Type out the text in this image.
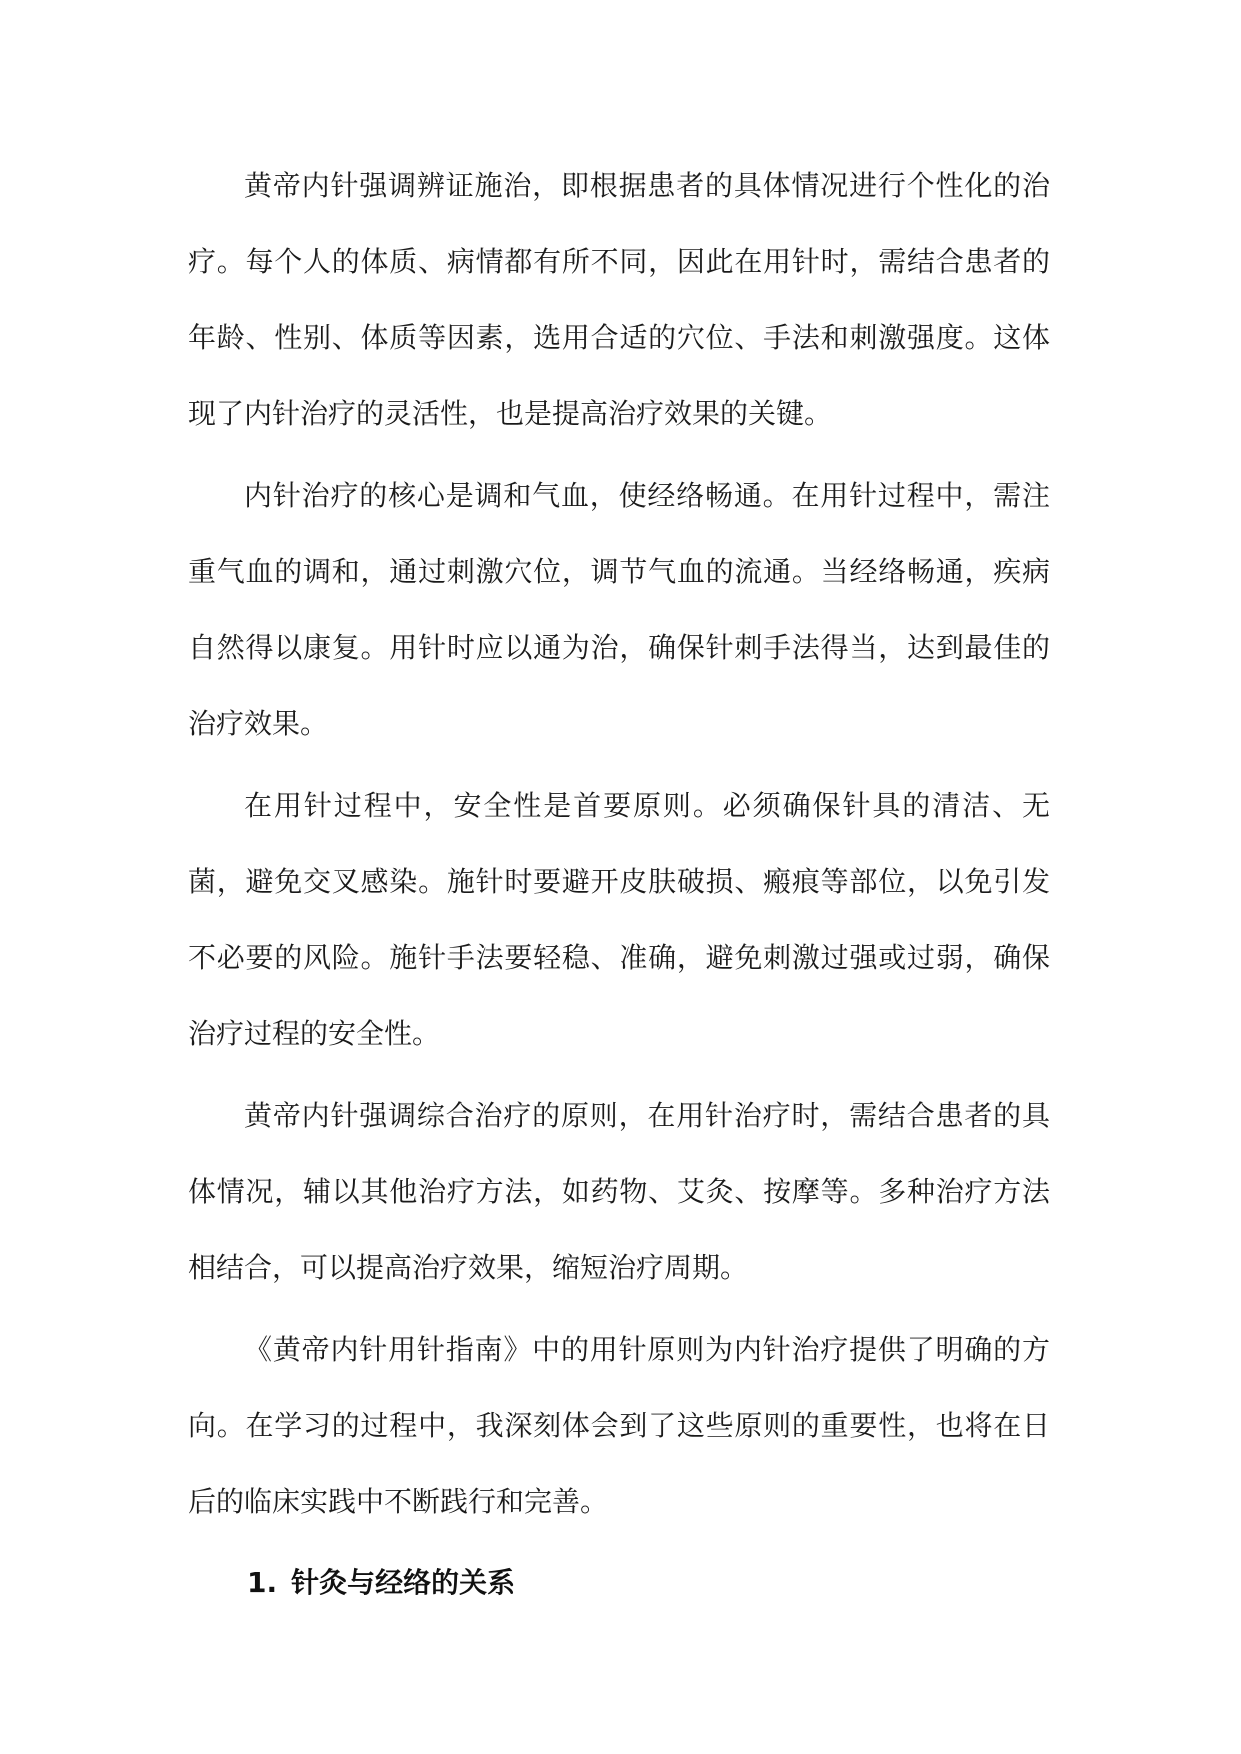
黄帝内针强调辨证施治，即根据患者的具体情况进行个性化的治疗。每个人的体质、病情都有所不同，因此在用针时，需结合患者的年龄、性别、体质等因素，选用合适的穴位、手法和刺激强度。这体现了内针治疗的灵活性，也是提高治疗效果的关键。

内针治疗的核心是调和气血，使经络畅通。在用针过程中，需注重气血的调和，通过刺激穴位，调节气血的流通。当经络畅通，疾病自然得以康复。用针时应以通为治，确保针刺手法得当，达到最佳的治疗效果。

在用针过程中，安全性是首要原则。必须确保针具的清洁、无菌，避免交叉感染。施针时要避开皮肤破损、瘢痕等部位，以免引发不必要的风险。施针手法要轻稳、准确，避免刺激过强或过弱，确保治疗过程的安全性。

黄帝内针强调综合治疗的原则，在用针治疗时，需结合患者的具体情况，辅以其他治疗方法，如药物、艾灸、按摩等。多种治疗方法相结合，可以提高治疗效果，缩短治疗周期。

《黄帝内针用针指南》中的用针原则为内针治疗提供了明确的方向。在学习的过程中，我深刻体会到了这些原则的重要性，也将在日后的临床实践中不断践行和完善。

1. 针灸与经络的关系
